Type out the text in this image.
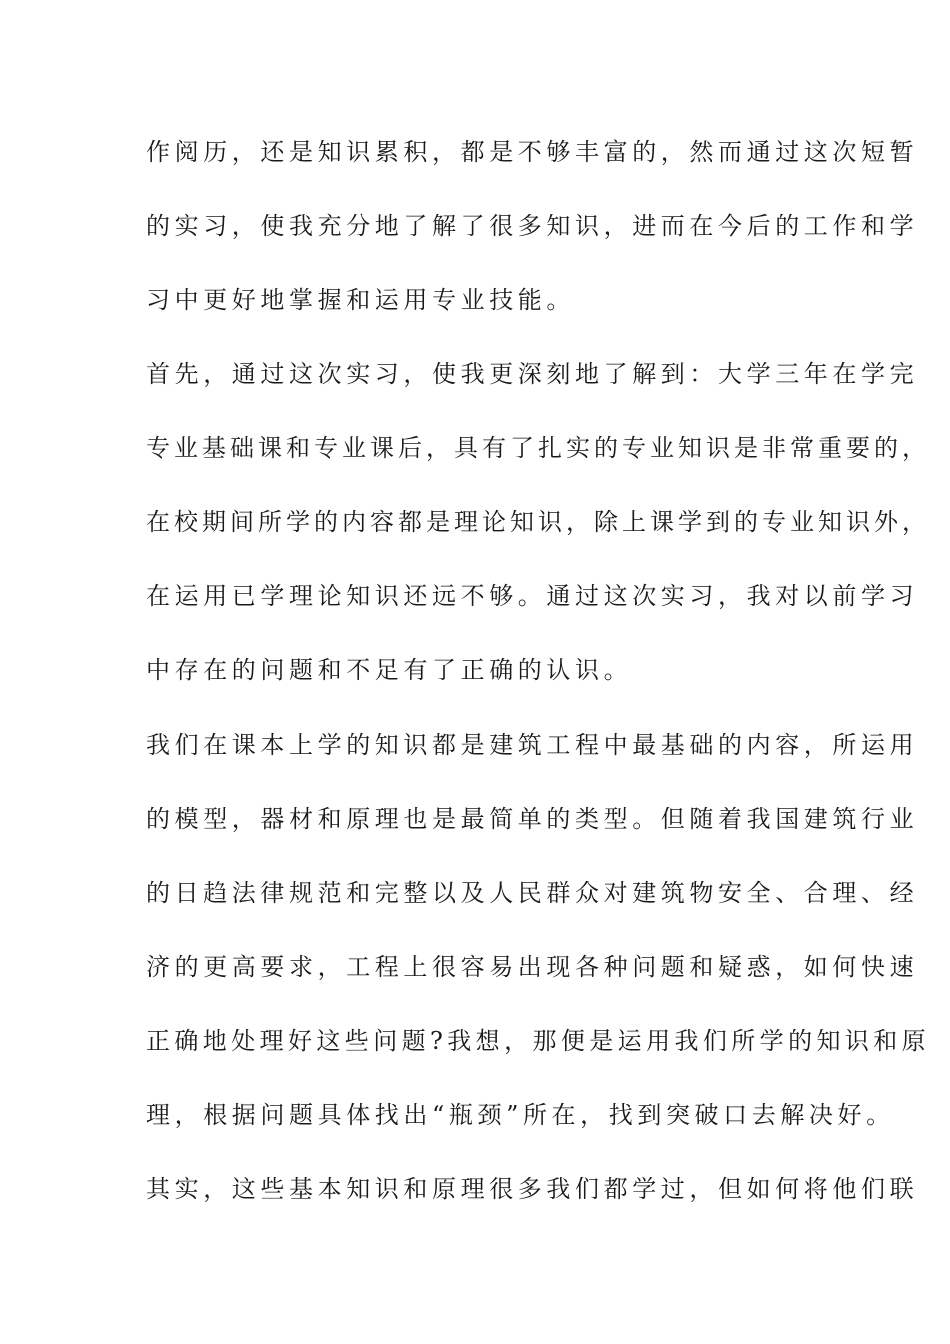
作阅历，还是知识累积，都是不够丰富的，然而通过这次短暂
的实习，使我充分地了解了很多知识，进而在今后的工作和学
习中更好地掌握和运用专业技能。
首先，通过这次实习，使我更深刻地了解到：大学三年在学完
专业基础课和专业课后，具有了扎实的专业知识是非常重要的，
在校期间所学的内容都是理论知识，除上课学到的专业知识外，
在运用已学理论知识还远不够。通过这次实习，我对以前学习
中存在的问题和不足有了正确的认识。
我们在课本上学的知识都是建筑工程中最基础的内容，所运用
的模型，器材和原理也是最简单的类型。但随着我国建筑行业
的日趋法律规范和完整以及人民群众对建筑物安全、合理、经
济的更高要求，工程上很容易出现各种问题和疑惑，如何快速
正确地处理好这些问题?我想，那便是运用我们所学的知识和原
理，根据问题具体找出“瓶颈”所在，找到突破口去解决好。
其实，这些基本知识和原理很多我们都学过，但如何将他们联
